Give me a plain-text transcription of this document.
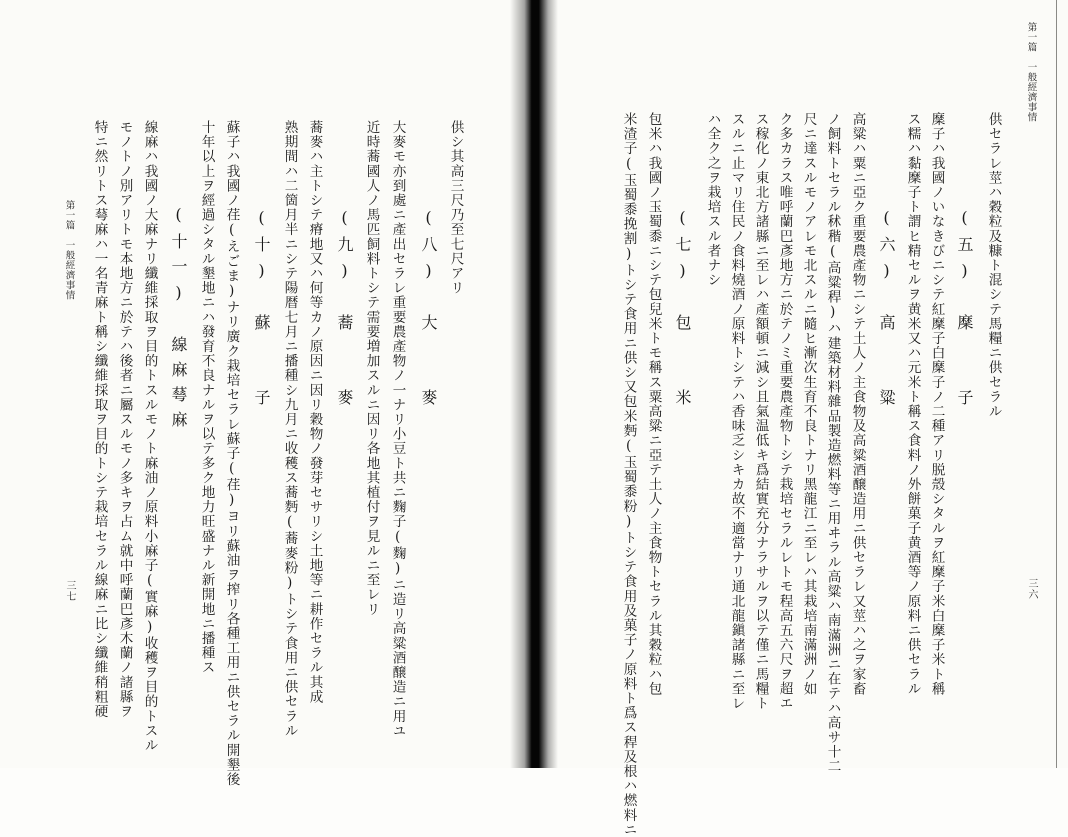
第一篇　一般經濟事情
三六
供セラレ莖ハ穀粒及糠ト混シテ馬糧ニ供セラル
(五)　穈　　子
穈子ハ我國ノいなきびニシテ紅穈子白穈子ノ二種アリ脱殼シタルヲ紅穈子米白穈子米ト稱
ス糯ハ黏穈子ト謂ヒ精セルヲ黄米又ハ元米ト稱ス食料ノ外餅菓子黄酒等ノ原料ニ供セラル
(六)　高　　粱
高粱ハ粟ニ亞ク重要農產物ニシテ土人ノ主食物及高粱酒醸造用ニ供セラレ又莖ハ之ヲ家畜
ノ飼料トセラル秫稭(高粱稈)ハ建築材料雜品製造燃料等ニ用ヰラル高粱ハ南滿洲ニ在テハ高サ十二
尺ニ達スルモノアレモ北スルニ隨ヒ漸次生育不良トナリ黑龍江ニ至レハ其栽培南滿洲ノ如
ク多カラス唯呼蘭巴彥地方ニ於テノミ重要農產物トシテ栽培セラルレトモ程高五六尺ヲ超エ
ス稼化ノ東北方諸縣ニ至レハ產額頓ニ減シ且氣温低キ爲結實充分ナラサルヲ以テ僅ニ馬糧ト
スルニ止マリ住民ノ食料燒酒ノ原料トシテハ香味乏シキカ故不適當ナリ通北龍鎭諸縣ニ至レ
ハ全ク之ヲ栽培スル者ナシ
(七)　包　　米
包米ハ我國ノ玉蜀黍ニシテ包兒米トモ稱ス粟高粱ニ亞テ土人ノ主食物トセラル其穀粒ハ包
米渣子(玉蜀黍挽割)トシテ食用ニ供シ又包米麪(玉蜀黍粉)トシテ食用及菓子ノ原料ト爲ス稈及根ハ燃料ニ
供シ其高三尺乃至七尺アリ
(八)　大　　麥
大麥モ亦到處ニ產出セラレ重要農產物ノ一ナリ小豆ト共ニ麴子(麴)ニ造リ高粱酒醸造ニ用ユ
近時蕎國人ノ馬匹飼料トシテ需要増加スルニ因リ各地其植付ヲ見ルニ至レリ
(九)　蕎　　麥
蕎麥ハ主トシテ瘠地又ハ何等カノ原因ニ因リ穀物ノ發芽セサリシ土地等ニ耕作セラル其成
熟期間ハ二箇月半ニシテ陽暦七月ニ播種シ九月ニ收穫ス蕎麪(蕎麥粉)トシテ食用ニ供セラル
(十)　蘇　　子
蘇子ハ我國ノ荏(えごま)ナリ廣ク栽培セラレ蘇子(荏)ヨリ蘇油ヲ搾リ各種工用ニ供セラル開墾後
十年以上ヲ經過シタル墾地ニハ發育不良ナルヲ以テ多ク地力旺盛ナル新開地ニ播種ス
(十一)　線麻䔢麻
線麻ハ我國ノ大麻ナリ纖維採取ヲ目的トスルモノト麻油ノ原料小麻子(實麻)收穫ヲ目的トスル
モノトノ別アリトモ本地方ニ於テハ後者ニ屬スルモノ多キヲ占ム就中呼蘭巴彥木蘭ノ諸縣ヲ
特ニ然リトス䔢麻ハ一名青麻ト稱シ纖維採取ヲ目的トシテ栽培セラル線麻ニ比シ纖維稍粗硬
第一篇　一般經濟事情
三七
